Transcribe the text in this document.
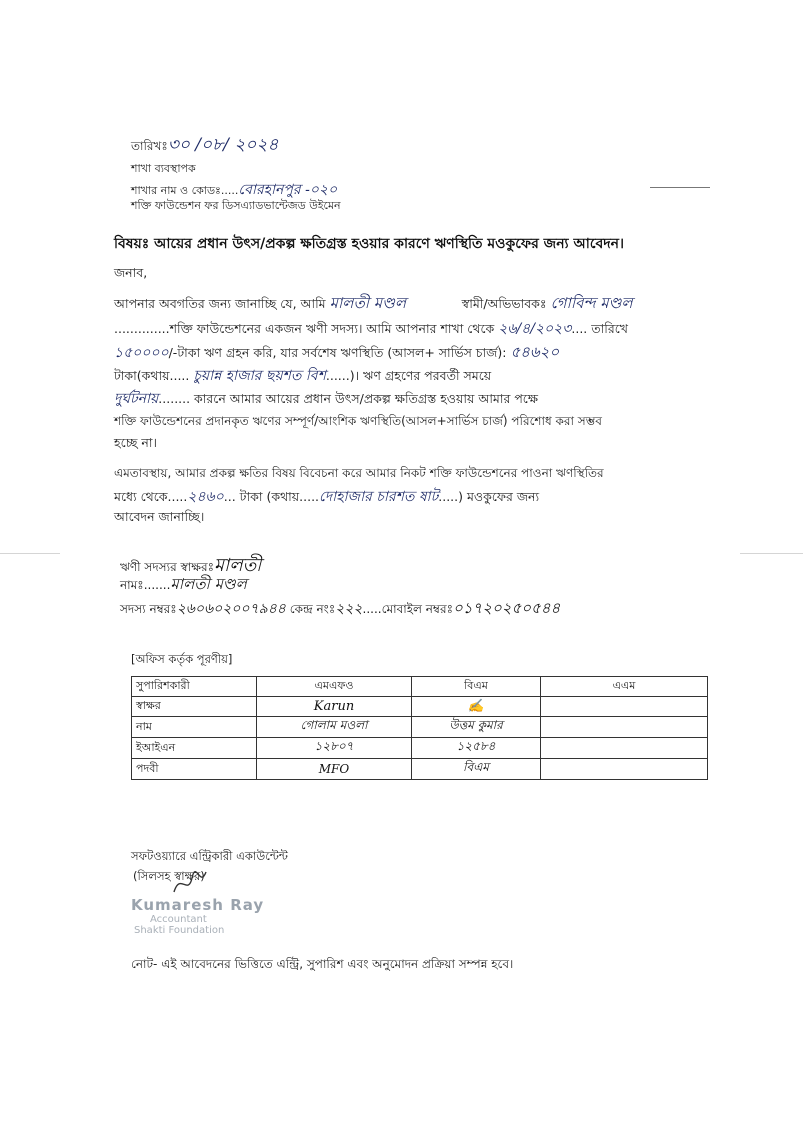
তারিখঃ৩০ /০৮/ ২০২৪
শাখা ব্যবস্থাপক
শাখার নাম ও কোডঃ.....বোরহানপুর -০২০
শক্তি ফাউন্ডেশন ফর ডিসএ্যাডভান্টেজড উইমেন
বিষয়ঃ আয়ের প্রধান উৎস/প্রকল্প ক্ষতিগ্রস্ত হওয়ার কারণে ঋণস্থিতি মওকুফের জন্য আবেদন।
জনাব,
আপনার অবগতির জন্য জানাচ্ছি যে, আমি মালতী মণ্ডল	স্বামী/অভিভাবকঃ গোবিন্দ মণ্ডল
..............শক্তি ফাউন্ডেশনের একজন ঋণী সদস্য। আমি আপনার শাখা থেকে ২৬/৪/২০২৩.... তারিখে
১৫০০০০/-টাকা ঋণ গ্রহন করি, যার সর্বশেষ ঋণস্থিতি (আসল+ সার্ভিস চার্জ): ৫৪৬২০
টাকা(কথায়..... চুয়ান্ন হাজার ছয়শত বিশ......)। ঋণ গ্রহণের পরবর্তী সময়ে
দুর্ঘটনায়........ কারনে আমার আয়ের প্রধান উৎস/প্রকল্প ক্ষতিগ্রস্ত হওয়ায় আমার পক্ষে
শক্তি ফাউন্ডেশনের প্রদানকৃত ঋণের সম্পূর্ণ/আংশিক ঋণস্থিতি(আসল+সার্ভিস চার্জ) পরিশোধ করা সম্ভব
হচ্ছে না।
এমতাবস্থায়, আমার প্রকল্প ক্ষতির বিষয় বিবেচনা করে আমার নিকট শক্তি ফাউন্ডেশনের পাওনা ঋণস্থিতির
মধ্যে থেকে.....২৪৬০... টাকা (কথায়.....দোহাজার চারশত ষাট.....) মওকুফের জন্য
আবেদন জানাচ্ছি।
ঋণী সদস্যর স্বাক্ষরঃমালতী
নামঃ.......মালতী মণ্ডল
সদস্য নম্বরঃ২৬০৬০২০০৭৯৪৪ কেন্দ্র নংঃ২২২.....মোবাইল নম্বরঃ০১৭২০২৫০৫৪৪
[অফিস কর্তৃক পূরণীয়]
সুপারিশকারী	এমএফও	বিএম	এএম
স্বাক্ষর	Karun	✍	
নাম	গোলাম মওলা	উত্তম কুমার	
ইআইএন	১২৮০৭	১২৫৮৪	
পদবী	MFO	বিএম	
সফটওয়্যারে এন্ট্রিকারী একাউন্টেন্ট
(সিলসহ স্বাক্ষর)
Kumaresh Ray
Accountant
Shakti Foundation
নোট- এই আবেদনের ভিত্তিতে এন্ট্রি, সুপারিশ এবং অনুমোদন প্রক্রিয়া সম্পন্ন হবে।
